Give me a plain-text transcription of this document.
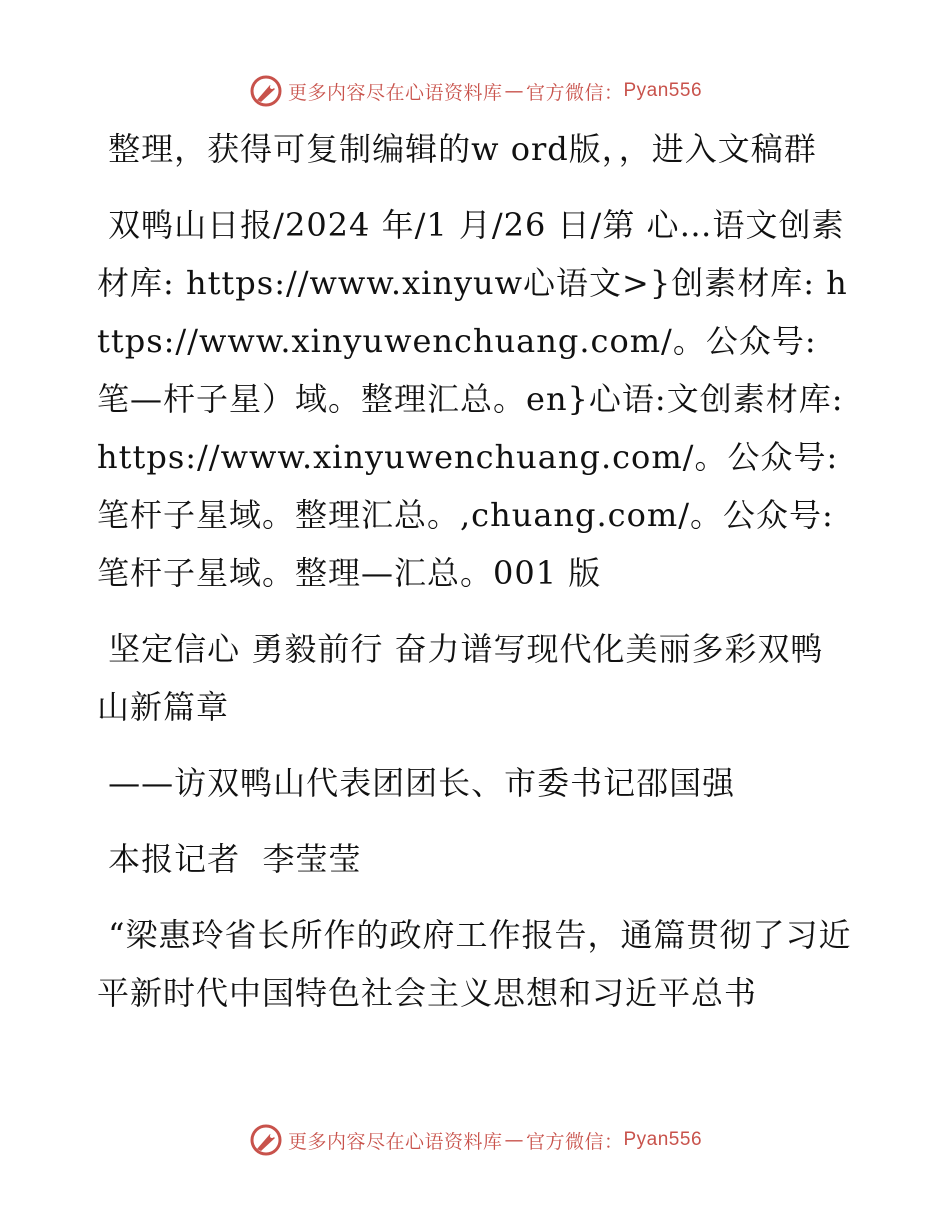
更多内容尽在心语资料库 — 官方微信： Pyan556

整理，获得可复制编辑的w ord版，，进入文稿群

双鸭山日报/2024 年/1 月/26 日/第 心…语文创素材库: https://www.xinyuw心语文>}创素材库: https://www.xinyuwenchuang.com/。公众号: 笔—杆子星）域。整理汇总。en}心语:文创素材库: https://www.xinyuwenchuang.com/。公众号: 笔杆子星域。整理汇总。,chuang.com/。公众号: 笔杆子星域。整理—汇总。001 版

坚定信心 勇毅前行 奋力谱写现代化美丽多彩双鸭山新篇章

——访双鸭山代表团团长、市委书记邵国强

本报记者  李莹莹

“梁惠玲省长所作的政府工作报告，通篇贯彻了习近平新时代中国特色社会主义思想和习近平总书

更多内容尽在心语资料库 — 官方微信： Pyan556
